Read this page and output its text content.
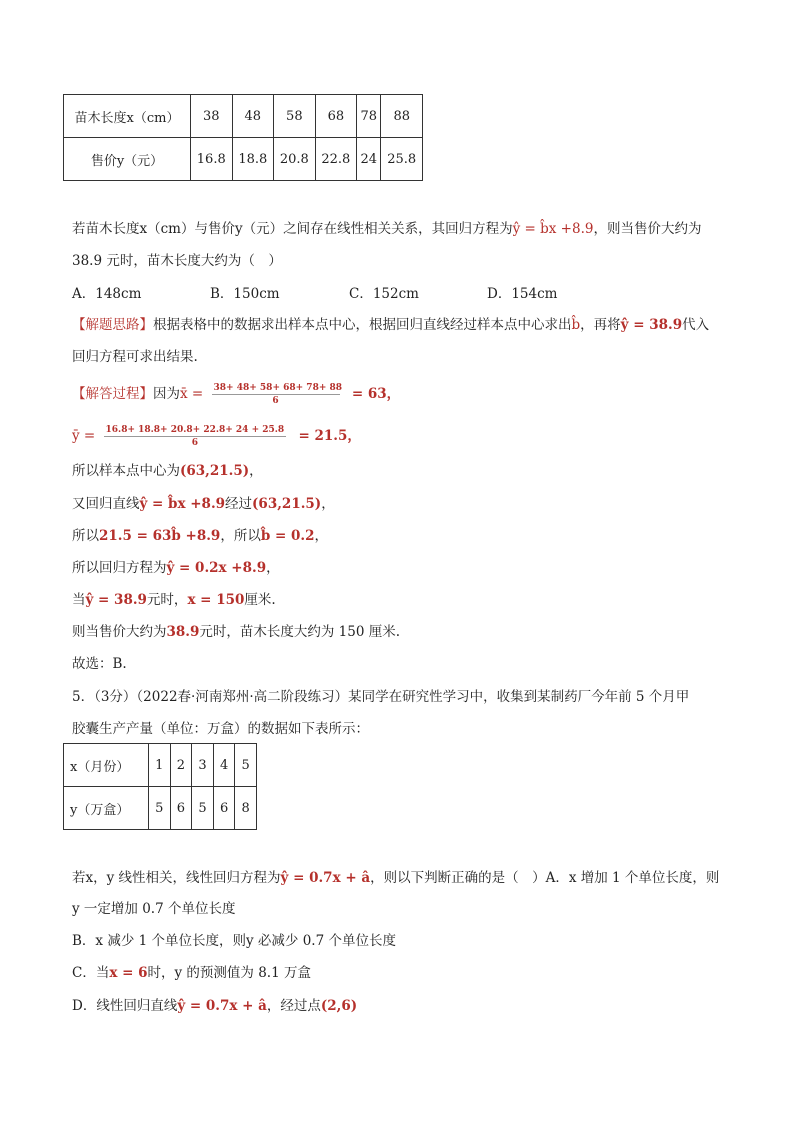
苗木长度x（cm）	38	48	58	68	78	88
售价y（元）	16.8	18.8	20.8	22.8	24	25.8
若苗木长度x（cm）与售价y（元）之间存在线性相关关系，其回归方程为ŷ = b̂x +8.9，则当售价大约为
38.9 元时，苗木长度大约为（　）
A．148cm	B．150cm	C．152cm	D．154cm
【解题思路】根据表格中的数据求出样本点中心，根据回归直线经过样本点中心求出b̂，再将ŷ = 38.9代入
回归方程可求出结果.
【解答过程】因为x̄ = $\frac{38+ 48+ 58+ 68+ 78+ 88}{6} = 63$，
ȳ = $\frac{16.8+ 18.8+ 20.8+ 22.8+ 24 + 25.8}{6} = 21.5$，
所以样本点中心为(63,21.5)，
又回归直线ŷ = b̂x +8.9经过(63,21.5)，
所以21.5 = 63b̂ +8.9，所以b̂ = 0.2，
所以回归方程为ŷ = 0.2x +8.9，
当ŷ = 38.9元时，x = 150厘米.
则当售价大约为38.9元时，苗木长度大约为 150 厘米.
故选：B.
5．（3分）（2022春·河南郑州·高二阶段练习）某同学在研究性学习中，收集到某制药厂今年前 5 个月甲
胶囊生产产量（单位：万盒）的数据如下表所示：
x（月份）	1	2	3	4	5
y（万盒）	5	6	5	6	8
若x，y 线性相关，线性回归方程为ŷ = 0.7x + â，则以下判断正确的是（　）A．x 增加 1 个单位长度，则
y 一定增加 0.7 个单位长度
B．x 减少 1 个单位长度，则y 必减少 0.7 个单位长度
C．当x = 6时，y 的预测值为 8.1 万盒
D．线性回归直线ŷ = 0.7x + â，经过点(2,6)
